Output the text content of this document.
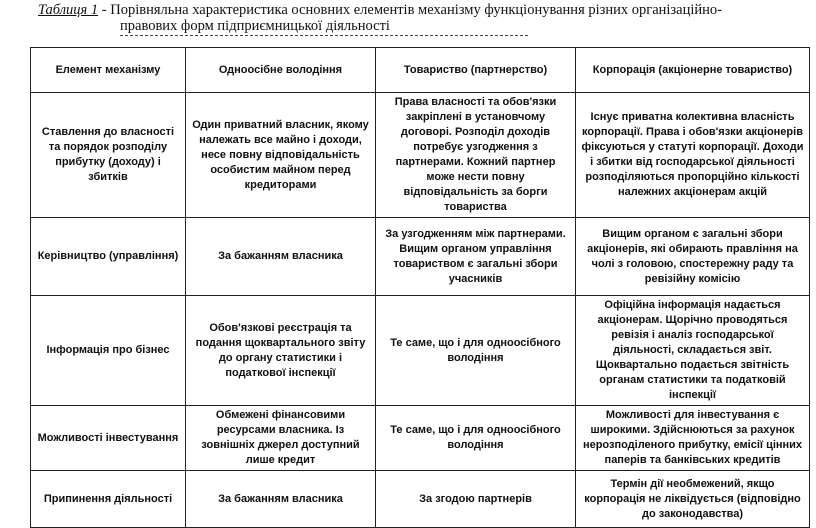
Таблиця 1 - Порівняльна характеристика основних елементів механізму функціонування різних організаційно-
правових форм підприємницької діяльності
Елемент механізму	Одноосібне володіння	Товариство (партнерство)	Корпорація (акціонерне товариство)
Ставлення до власності та порядок розподілу прибутку (доходу) і збитків	Один приватний власник, якому належать все майно і доходи, несе повну відповідальність особистим майном перед кредиторами	Права власності та обов'язки закріплені в установчому договорі. Розподіл доходів потребує узгодження з партнерами. Кожний партнер може нести повну відповідальність за борги товариства	Існує приватна колективна власність корпорації. Права і обов'язки акціонерів фіксуються у статуті корпорації. Доходи і збитки від господарської діяльності розподіляються пропорційно кількості належних акціонерам акцій
Керівництво (управління)	За бажанням власника	За узгодженням між партнерами. Вищим органом управління товариством є загальні збори учасників	Вищим органом є загальні збори акціонерів, які обирають правління на чолі з головою, спостережну раду та ревізійну комісію
Інформація про бізнес	Обов'язкові реєстрація та подання щоквартального звіту до органу статистики і податкової інспекції	Те саме, що і для одноосібного володіння	Офіційна інформація надається акціонерам. Щорічно проводяться ревізія і аналіз господарської діяльності, складається звіт. Щоквартально подається звітність органам статистики та податковій інспекції
Можливості інвестування	Обмежені фінансовими ресурсами власника. Із зовнішніх джерел доступний лише кредит	Те саме, що і для одноосібного володіння	Можливості для інвестування є широкими. Здійснюються за рахунок нерозподіленого прибутку, емісії цінних паперів та банківських кредитів
Припинення діяльності	За бажанням власника	За згодою партнерів	Термін дії необмежений, якщо корпорація не ліквідується (відповідно до законодавства)
